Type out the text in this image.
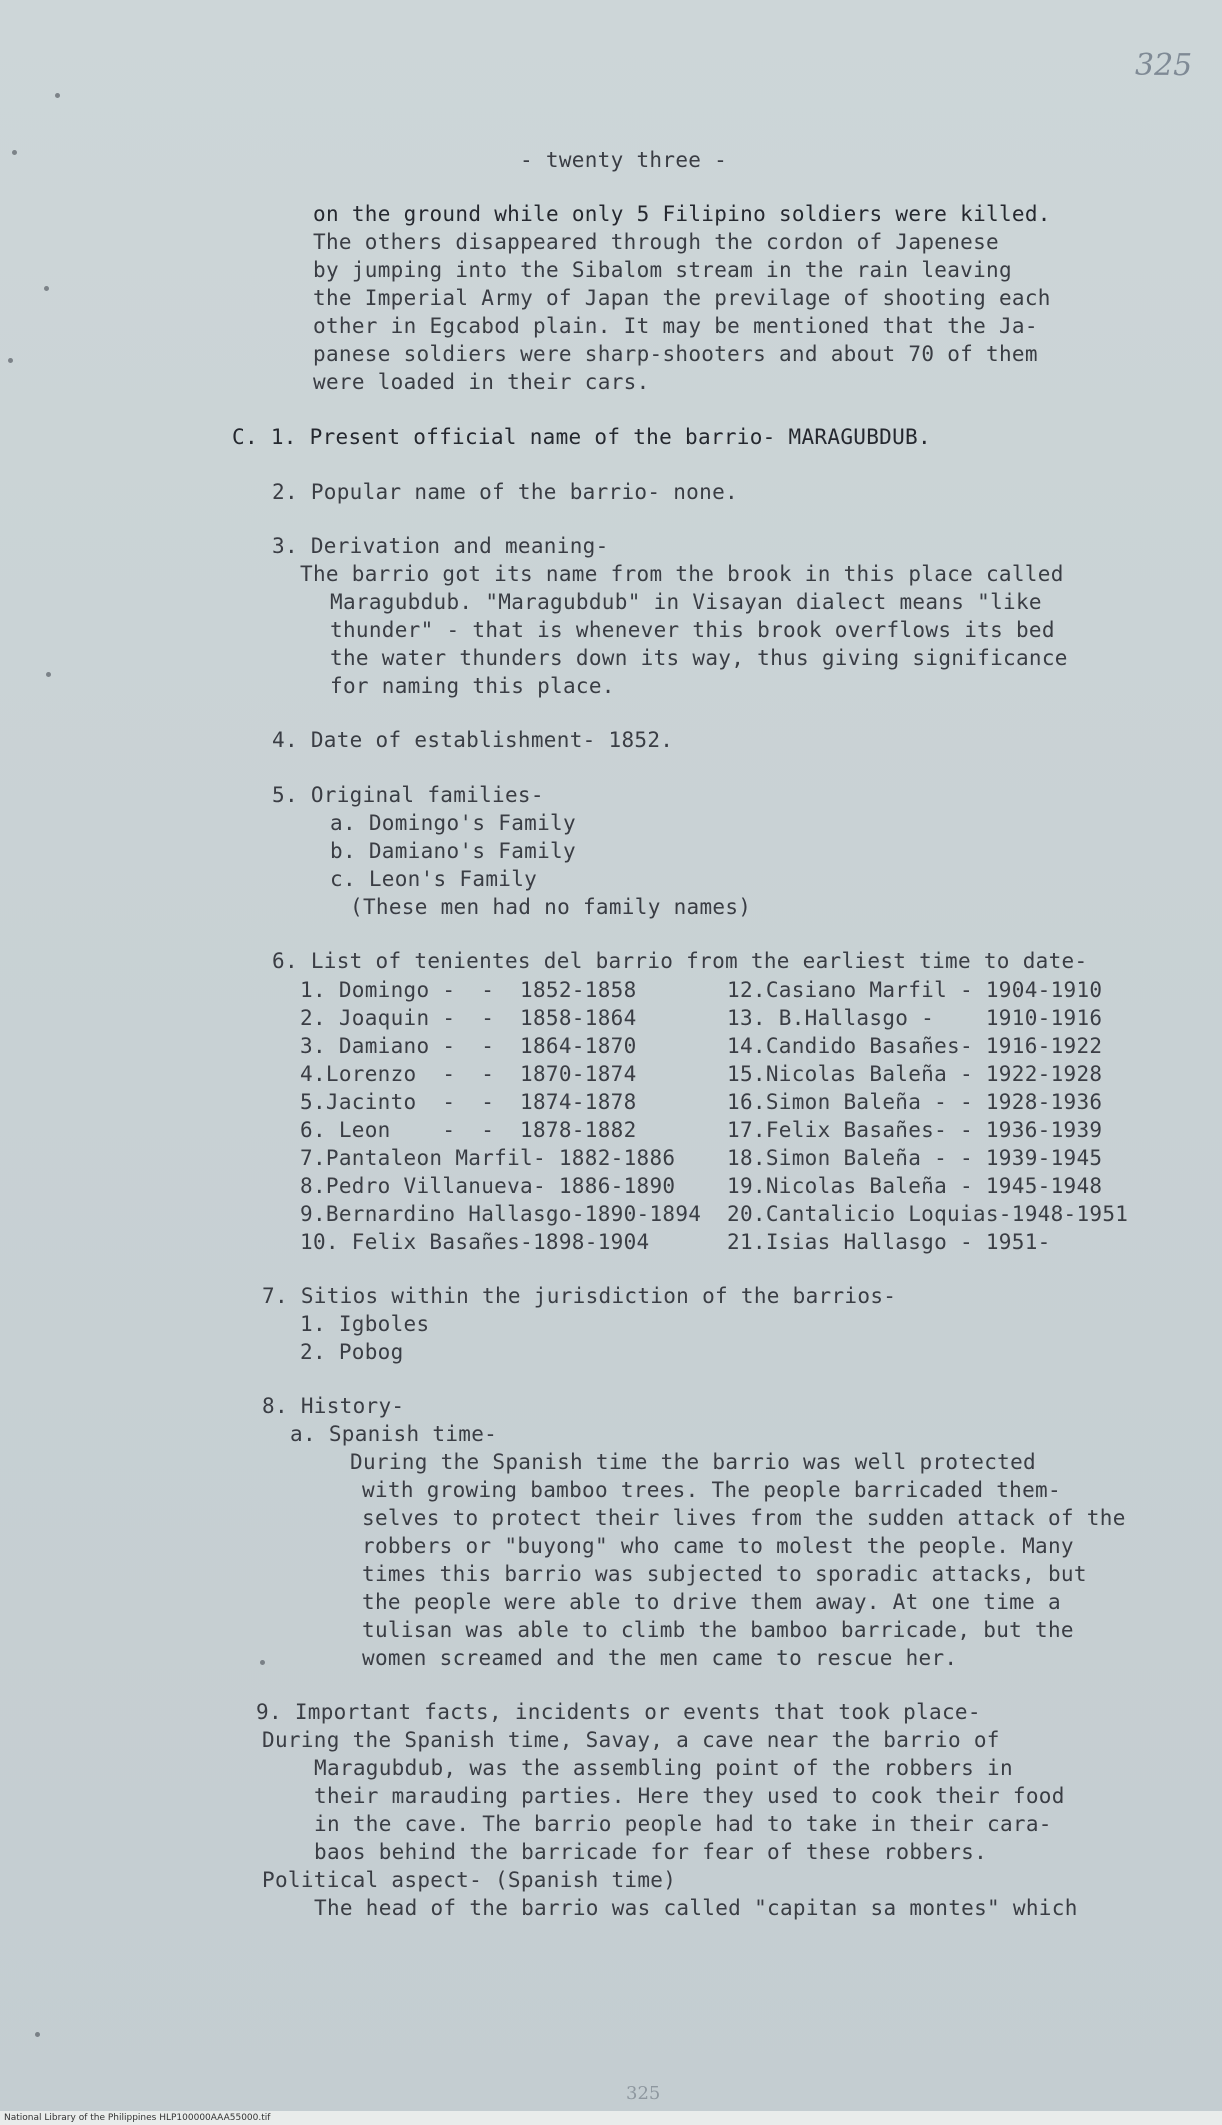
325
- twenty three -
on the ground while only 5 Filipino soldiers were killed.
The others disappeared through the cordon of Japenese
by jumping into the Sibalom stream in the rain leaving
the Imperial Army of Japan the previlage of shooting each
other in Egcabod plain. It may be mentioned that the Ja-
panese soldiers were sharp-shooters and about 70 of them
were loaded in their cars.
C. 1. Present official name of the barrio- MARAGUBDUB.
2. Popular name of the barrio- none.
3. Derivation and meaning-
The barrio got its name from the brook in this place called
Maragubdub. "Maragubdub" in Visayan dialect means "like
thunder" - that is whenever this brook overflows its bed
the water thunders down its way, thus giving significance
for naming this place.
4. Date of establishment- 1852.
5. Original families-
a. Domingo's Family
b. Damiano's Family
c. Leon's Family
(These men had no family names)
6. List of tenientes del barrio from the earliest time to date-
1. Domingo -  -  1852-1858
2. Joaquin -  -  1858-1864
3. Damiano -  -  1864-1870
4.Lorenzo  -  -  1870-1874
5.Jacinto  -  -  1874-1878
6. Leon    -  -  1878-1882
7.Pantaleon Marfil- 1882-1886
8.Pedro Villanueva- 1886-1890
9.Bernardino Hallasgo-1890-1894
10. Felix Basañes-1898-1904
12.Casiano Marfil - 1904-1910
13. B.Hallasgo -    1910-1916
14.Candido Basañes- 1916-1922
15.Nicolas Baleña - 1922-1928
16.Simon Baleña - - 1928-1936
17.Felix Basañes- - 1936-1939
18.Simon Baleña - - 1939-1945
19.Nicolas Baleña - 1945-1948
20.Cantalicio Loquias-1948-1951
21.Isias Hallasgo - 1951-
7. Sitios within the jurisdiction of the barrios-
1. Igboles
2. Pobog
8. History-
a. Spanish time-
During the Spanish time the barrio was well protected
with growing bamboo trees. The people barricaded them-
selves to protect their lives from the sudden attack of the
robbers or "buyong" who came to molest the people. Many
times this barrio was subjected to sporadic attacks, but
the people were able to drive them away. At one time a
tulisan was able to climb the bamboo barricade, but the
women screamed and the men came to rescue her.
9. Important facts, incidents or events that took place-
During the Spanish time, Savay, a cave near the barrio of
Maragubdub, was the assembling point of the robbers in
their marauding parties. Here they used to cook their food
in the cave. The barrio people had to take in their cara-
baos behind the barricade for fear of these robbers.
Political aspect- (Spanish time)
The head of the barrio was called "capitan sa montes" which
325
National Library of the Philippines HLP100000AAA55000.tif
